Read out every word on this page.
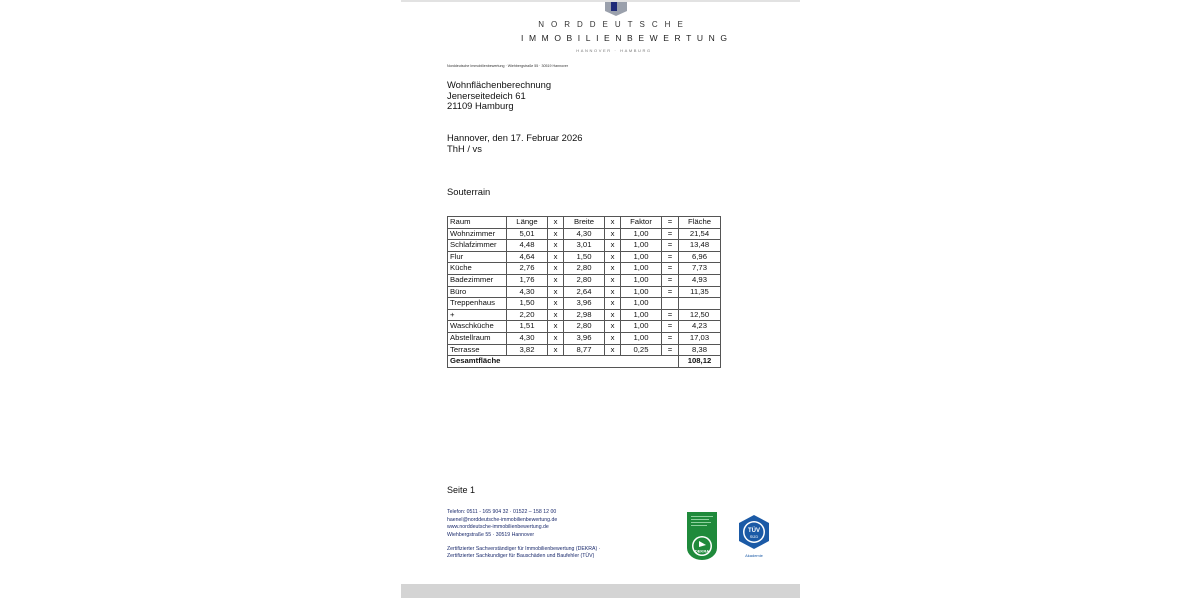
NORDDEUTSCHE
IMMOBILIENBEWERTUNG
HANNOVER · HAMBURG
Norddeutsche Immobilienbewertung · Wiehbergstraße 55 · 30519 Hannover
Wohnflächenberechnung
Jenerseitedeich 61
21109 Hamburg
Hannover, den 17. Februar 2026
ThH / vs
Souterrain
Raum	Länge	x	Breite	x	Faktor	=	Fläche
Wohnzimmer	5,01	x	4,30	x	1,00	=	21,54
Schlafzimmer	4,48	x	3,01	x	1,00	=	13,48
Flur	4,64	x	1,50	x	1,00	=	6,96
Küche	2,76	x	2,80	x	1,00	=	7,73
Badezimmer	1,76	x	2,80	x	1,00	=	4,93
Büro	4,30	x	2,64	x	1,00	=	11,35
Treppenhaus	1,50	x	3,96	x	1,00		
+	2,20	x	2,98	x	1,00	=	12,50
Waschküche	1,51	x	2,80	x	1,00	=	4,23
Abstellraum	4,30	x	3,96	x	1,00	=	17,03
Terrasse	3,82	x	8,77	x	0,25	=	8,38
Gesamtfläche							108,12
Seite 1
Telefon: 0511 - 165 904 32 · 01522 – 158 12 00
haenel@norddeutsche-immobilienbewertung.de
www.norddeutsche-immobilienbewertung.de
Wiehbergstraße 55 · 30519 Hannover
Zertifizierter Sachverständiger für Immobilienbewertung (DEKRA) ·
Zertifizierter Sachkundiger für Bauschäden und Baufehler (TÜV)
DEKRA
TÜV
SÜD
Akademie
